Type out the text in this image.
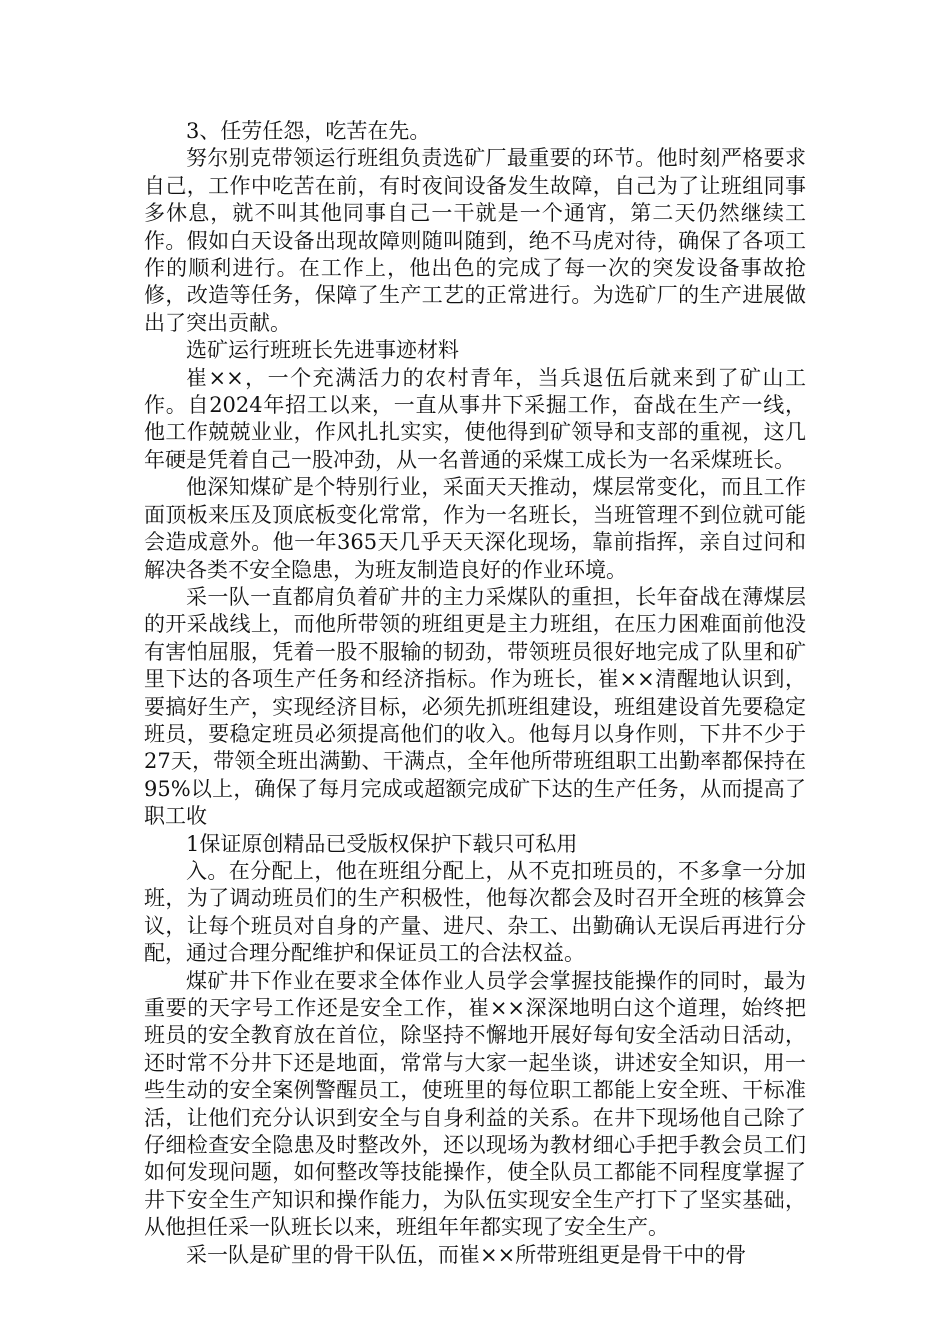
3、任劳任怨，吃苦在先。

努尔别克带领运行班组负责选矿厂最重要的环节。他时刻严格要求自己，工作中吃苦在前，有时夜间设备发生故障，自己为了让班组同事多休息，就不叫其他同事自己一干就是一个通宵，第二天仍然继续工作。假如白天设备出现故障则随叫随到，绝不马虎对待，确保了各项工作的顺利进行。在工作上，他出色的完成了每一次的突发设备事故抢修，改造等任务，保障了生产工艺的正常进行。为选矿厂的生产进展做出了突出贡献。

选矿运行班班长先进事迹材料

崔××，一个充满活力的农村青年，当兵退伍后就来到了矿山工作。自2024年招工以来，一直从事井下采掘工作，奋战在生产一线，他工作兢兢业业，作风扎扎实实，使他得到矿领导和支部的重视，这几年硬是凭着自己一股冲劲，从一名普通的采煤工成长为一名采煤班长。

他深知煤矿是个特别行业，采面天天推动，煤层常变化，而且工作面顶板来压及顶底板变化常常，作为一名班长，当班管理不到位就可能会造成意外。他一年365天几乎天天深化现场，靠前指挥，亲自过问和解决各类不安全隐患，为班友制造良好的作业环境。

采一队一直都肩负着矿井的主力采煤队的重担，长年奋战在薄煤层的开采战线上，而他所带领的班组更是主力班组，在压力困难面前他没有害怕屈服，凭着一股不服输的韧劲，带领班员很好地完成了队里和矿里下达的各项生产任务和经济指标。作为班长，崔××清醒地认识到，要搞好生产，实现经济目标，必须先抓班组建设，班组建设首先要稳定班员，要稳定班员必须提高他们的收入。他每月以身作则，下井不少于27天，带领全班出满勤、干满点，全年他所带班组职工出勤率都保持在95%以上，确保了每月完成或超额完成矿下达的生产任务，从而提高了职工收

1保证原创精品已受版权保护下载只可私用

入。在分配上，他在班组分配上，从不克扣班员的，不多拿一分加班，为了调动班员们的生产积极性，他每次都会及时召开全班的核算会议，让每个班员对自身的产量、进尺、杂工、出勤确认无误后再进行分配，通过合理分配维护和保证员工的合法权益。

煤矿井下作业在要求全体作业人员学会掌握技能操作的同时，最为重要的天字号工作还是安全工作，崔××深深地明白这个道理，始终把班员的安全教育放在首位，除坚持不懈地开展好每旬安全活动日活动，还时常不分井下还是地面，常常与大家一起坐谈，讲述安全知识，用一些生动的安全案例警醒员工，使班里的每位职工都能上安全班、干标准活，让他们充分认识到安全与自身利益的关系。在井下现场他自己除了仔细检查安全隐患及时整改外，还以现场为教材细心手把手教会员工们如何发现问题，如何整改等技能操作，使全队员工都能不同程度掌握了井下安全生产知识和操作能力，为队伍实现安全生产打下了坚实基础，从他担任采一队班长以来，班组年年都实现了安全生产。

采一队是矿里的骨干队伍，而崔××所带班组更是骨干中的骨
